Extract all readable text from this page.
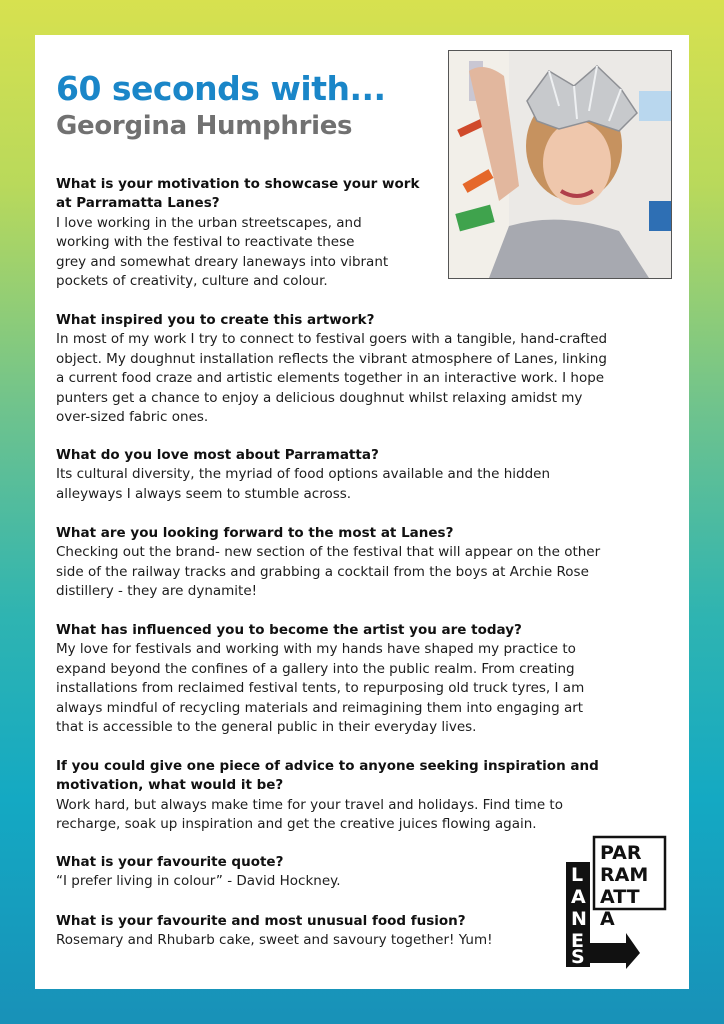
60 seconds with...
Georgina Humphries

What is your motivation to showcase your work
at Parramatta Lanes?

I love working in the urban streetscapes, and
working with the festival to reactivate these
grey and somewhat dreary laneways into vibrant
pockets of creativity, culture and colour.

What inspired you to create this artwork?

In most of my work I try to connect to festival goers with a tangible, hand-crafted
object. My doughnut installation reflects the vibrant atmosphere of Lanes, linking
a current food craze and artistic elements together in an interactive work. I hope
punters get a chance to enjoy a delicious doughnut whilst relaxing amidst my
over-sized fabric ones.

What do you love most about Parramatta?

Its cultural diversity, the myriad of food options available and the hidden
alleyways I always seem to stumble across.

What are you looking forward to the most at Lanes?

Checking out the brand- new section of the festival that will appear on the other
side of the railway tracks and grabbing a cocktail from the boys at Archie Rose
distillery - they are dynamite!

What has influenced you to become the artist you are today?

My love for festivals and working with my hands have shaped my practice to
expand beyond the confines of a gallery into the public realm. From creating
installations from reclaimed festival tents, to repurposing old truck tyres, I am
always mindful of recycling materials and reimagining them into engaging art
that is accessible to the general public in their everyday lives.

If you could give one piece of advice to anyone seeking inspiration and
motivation, what would it be?

Work hard, but always make time for your travel and holidays. Find time to
recharge, soak up inspiration and get the creative juices flowing again.

What is your favourite quote?

“I prefer living in colour” - David Hockney.

What is your favourite and most unusual food fusion?

Rosemary and Rhubarb cake, sweet and savoury together! Yum!

PAR
RAM
ATT
A
L
A
N
E
S
